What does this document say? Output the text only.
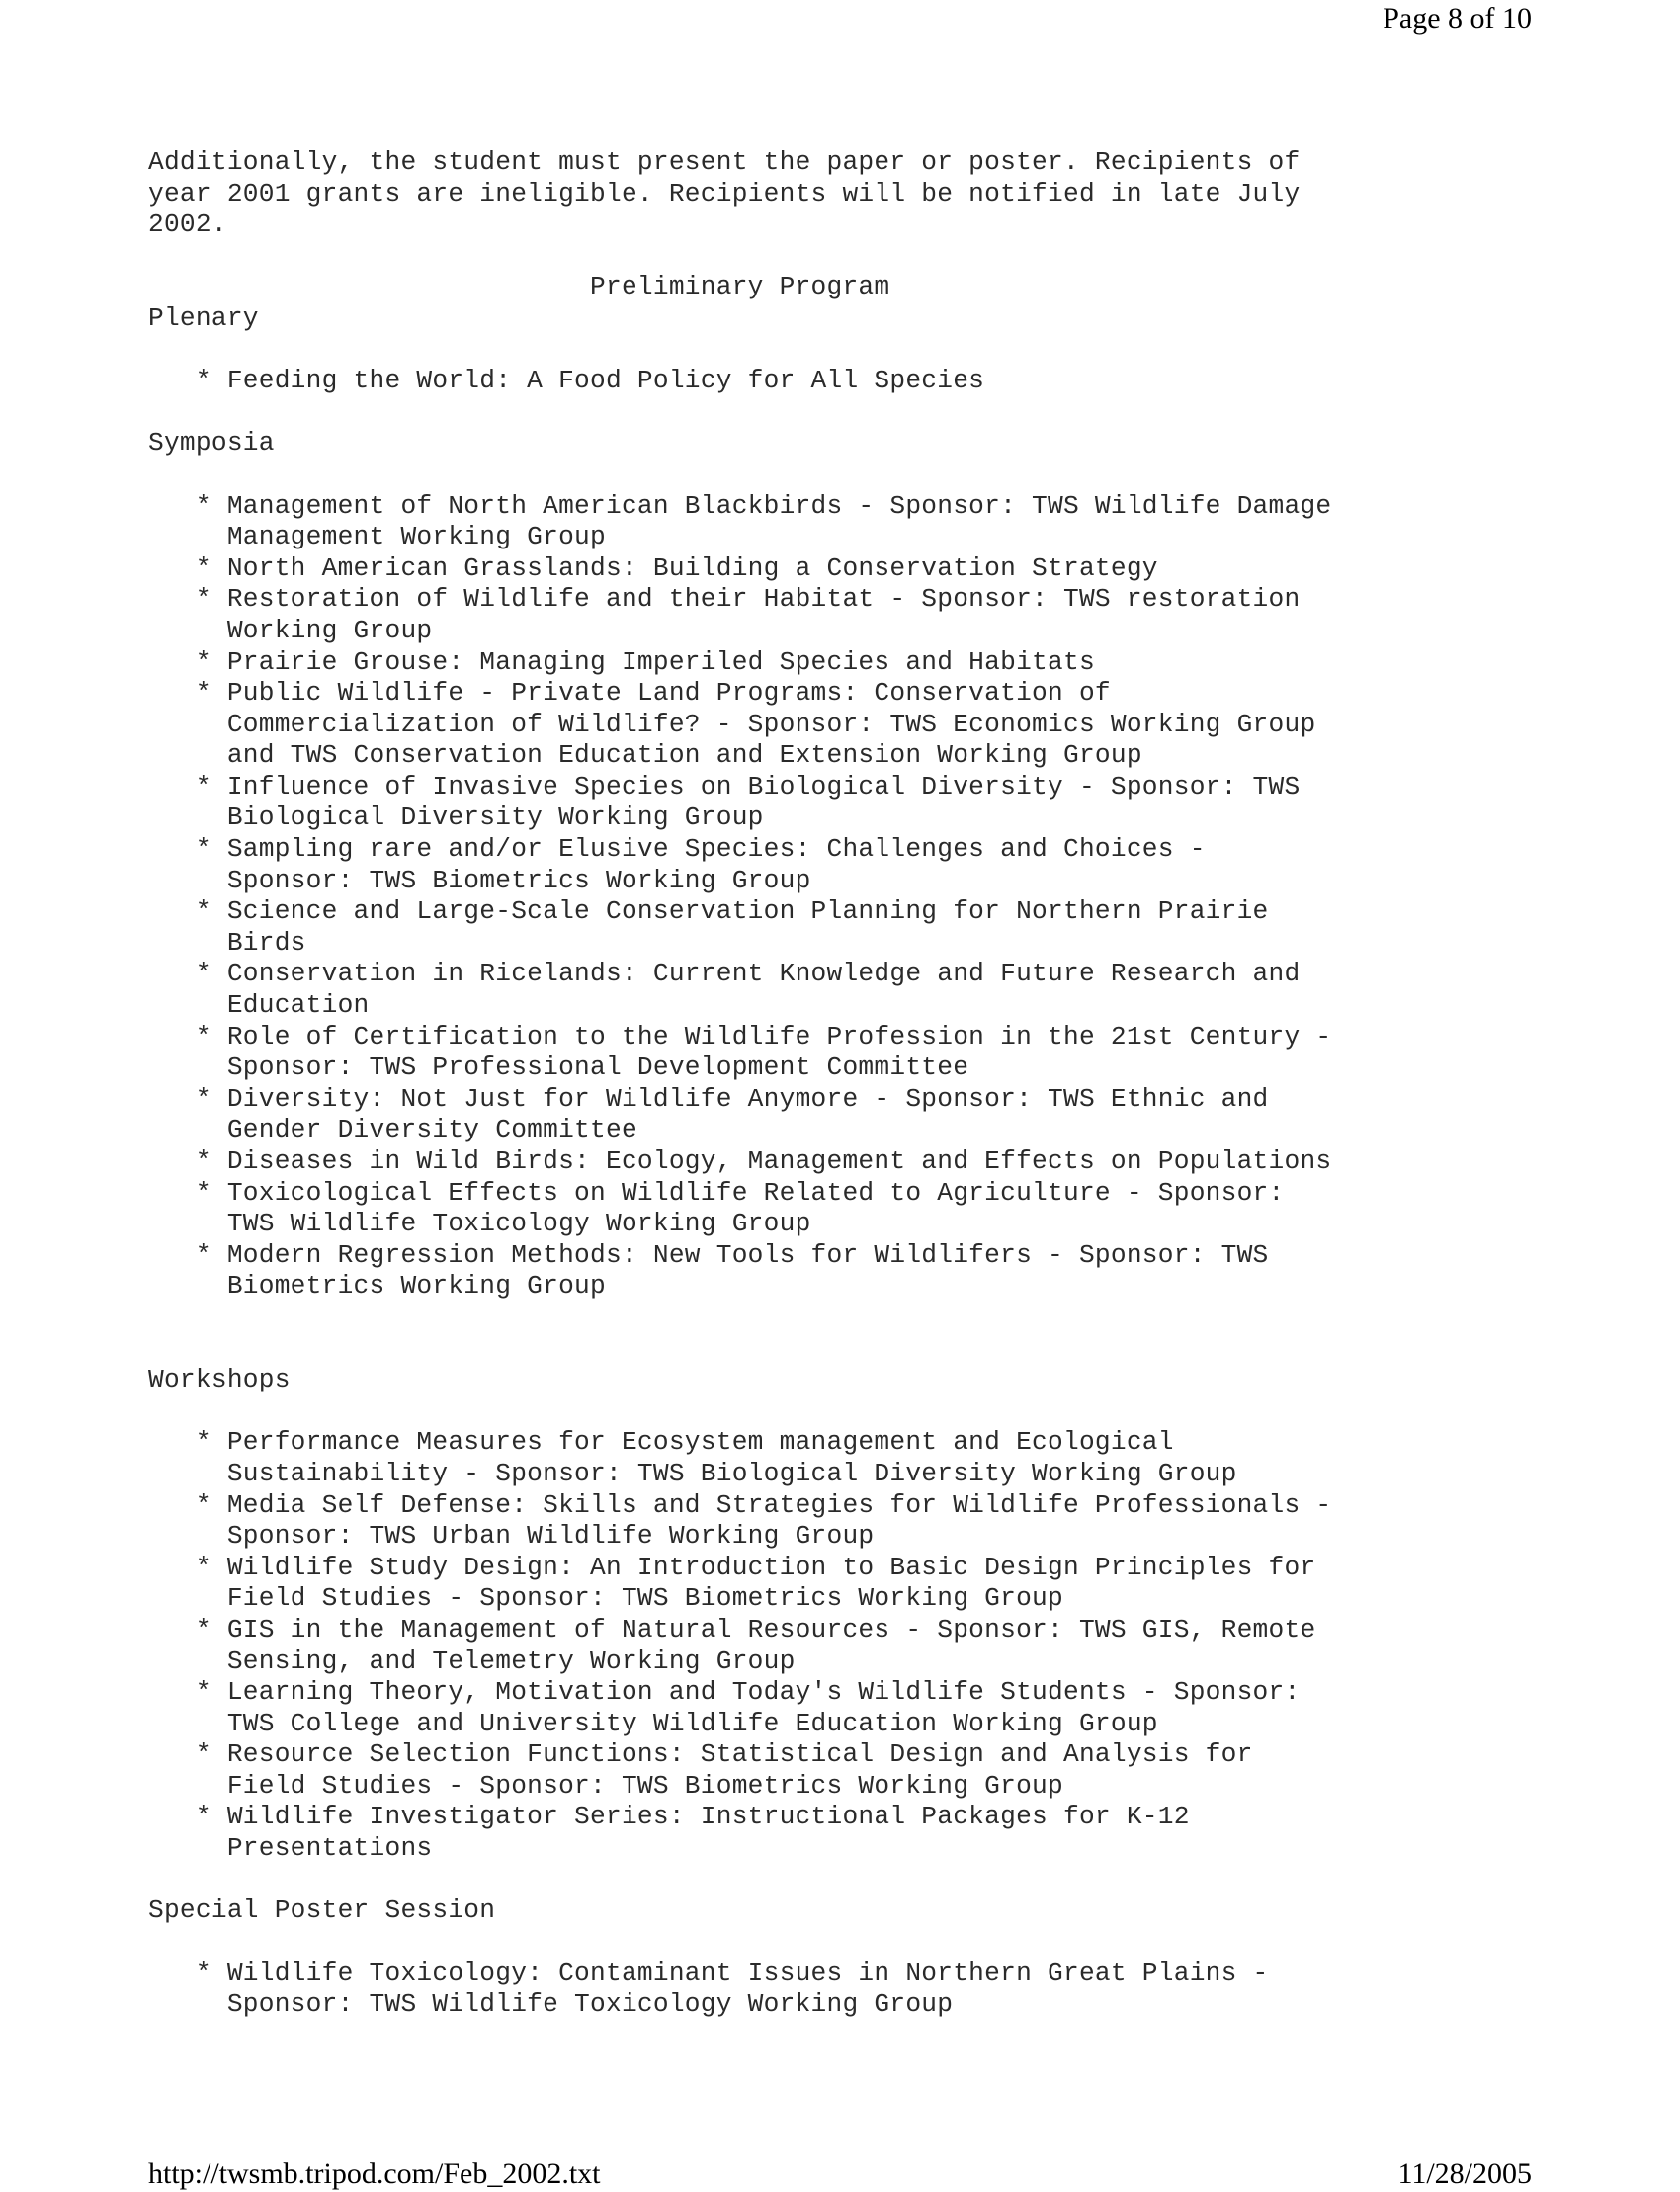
Page 8 of 10
Additionally, the student must present the paper or poster. Recipients of
year 2001 grants are ineligible. Recipients will be notified in late July
2002.

Preliminary Program
Plenary

* Feeding the World: A Food Policy for All Species

Symposia

* Management of North American Blackbirds - Sponsor: TWS Wildlife Damage
Management Working Group
* North American Grasslands: Building a Conservation Strategy
* Restoration of Wildlife and their Habitat - Sponsor: TWS restoration
Working Group
* Prairie Grouse: Managing Imperiled Species and Habitats
* Public Wildlife - Private Land Programs: Conservation of
Commercialization of Wildlife? - Sponsor: TWS Economics Working Group
and TWS Conservation Education and Extension Working Group
* Influence of Invasive Species on Biological Diversity - Sponsor: TWS
Biological Diversity Working Group
* Sampling rare and/or Elusive Species: Challenges and Choices -
Sponsor: TWS Biometrics Working Group
* Science and Large-Scale Conservation Planning for Northern Prairie
Birds
* Conservation in Ricelands: Current Knowledge and Future Research and
Education
* Role of Certification to the Wildlife Profession in the 21st Century -
Sponsor: TWS Professional Development Committee
* Diversity: Not Just for Wildlife Anymore - Sponsor: TWS Ethnic and
Gender Diversity Committee
* Diseases in Wild Birds: Ecology, Management and Effects on Populations
* Toxicological Effects on Wildlife Related to Agriculture - Sponsor:
TWS Wildlife Toxicology Working Group
* Modern Regression Methods: New Tools for Wildlifers - Sponsor: TWS
Biometrics Working Group

Workshops

* Performance Measures for Ecosystem management and Ecological
Sustainability - Sponsor: TWS Biological Diversity Working Group
* Media Self Defense: Skills and Strategies for Wildlife Professionals -
Sponsor: TWS Urban Wildlife Working Group
* Wildlife Study Design: An Introduction to Basic Design Principles for
Field Studies - Sponsor: TWS Biometrics Working Group
* GIS in the Management of Natural Resources - Sponsor: TWS GIS, Remote
Sensing, and Telemetry Working Group
* Learning Theory, Motivation and Today's Wildlife Students - Sponsor:
TWS College and University Wildlife Education Working Group
* Resource Selection Functions: Statistical Design and Analysis for
Field Studies - Sponsor: TWS Biometrics Working Group
* Wildlife Investigator Series: Instructional Packages for K-12
Presentations

Special Poster Session

* Wildlife Toxicology: Contaminant Issues in Northern Great Plains -
Sponsor: TWS Wildlife Toxicology Working Group
http://twsmb.tripod.com/Feb_2002.txt	11/28/2005
